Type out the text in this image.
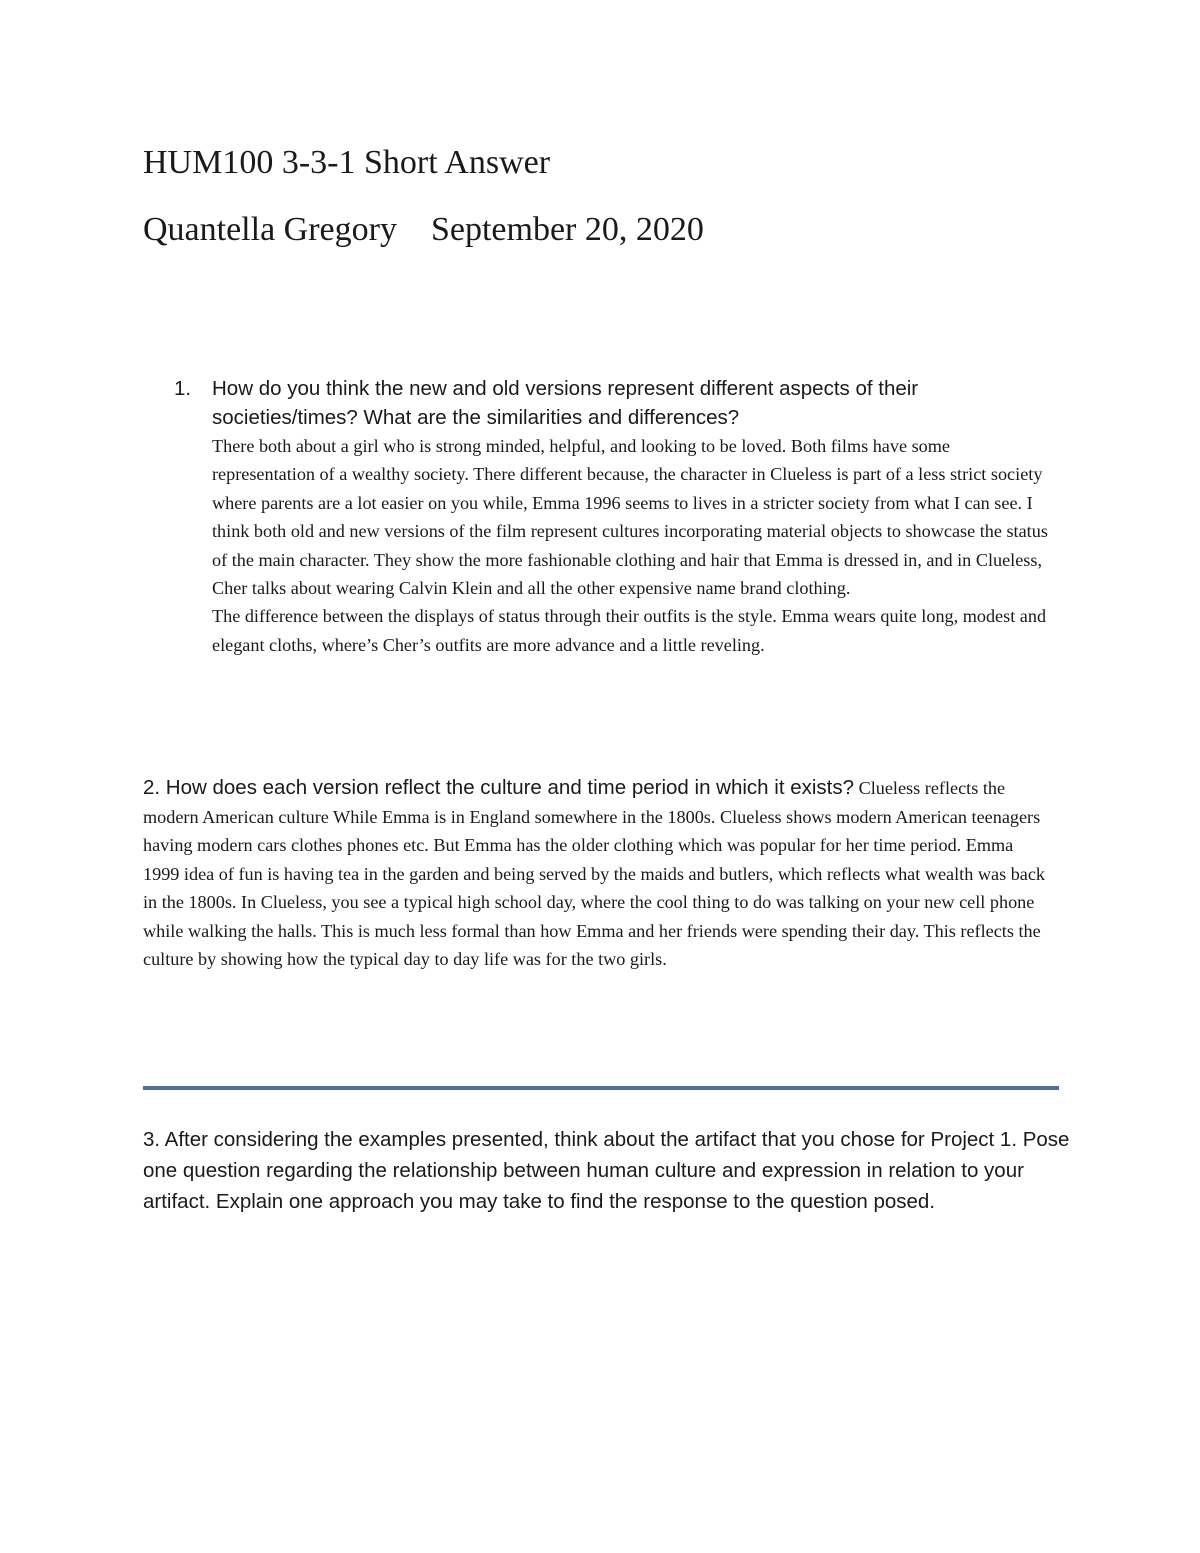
HUM100 3-3-1 Short Answer
Quantella Gregory September 20, 2020
1. How do you think the new and old versions represent different aspects of their societies/times? What are the similarities and differences?

There both about a girl who is strong minded, helpful, and looking to be loved. Both films have some representation of a wealthy society. There different because, the character in Clueless is part of a less strict society where parents are a lot easier on you while, Emma 1996 seems to lives in a stricter society from what I can see. I think both old and new versions of the film represent cultures incorporating material objects to showcase the status of the main character. They show the more fashionable clothing and hair that Emma is dressed in, and in Clueless, Cher talks about wearing Calvin Klein and all the other expensive name brand clothing.

The difference between the displays of status through their outfits is the style. Emma wears quite long, modest and elegant cloths, where’s Cher’s outfits are more advance and a little reveling.

2. How does each version reflect the culture and time period in which it exists? Clueless reflects the modern American culture While Emma is in England somewhere in the 1800s. Clueless shows modern American teenagers having modern cars clothes phones etc. But Emma has the older clothing which was popular for her time period. Emma 1999 idea of fun is having tea in the garden and being served by the maids and butlers, which reflects what wealth was back in the 1800s. In Clueless, you see a typical high school day, where the cool thing to do was talking on your new cell phone while walking the halls. This is much less formal than how Emma and her friends were spending their day. This reflects the culture by showing how the typical day to day life was for the two girls.
3. After considering the examples presented, think about the artifact that you chose for Project 1. Pose one question regarding the relationship between human culture and expression in relation to your artifact. Explain one approach you may take to find the response to the question posed.
